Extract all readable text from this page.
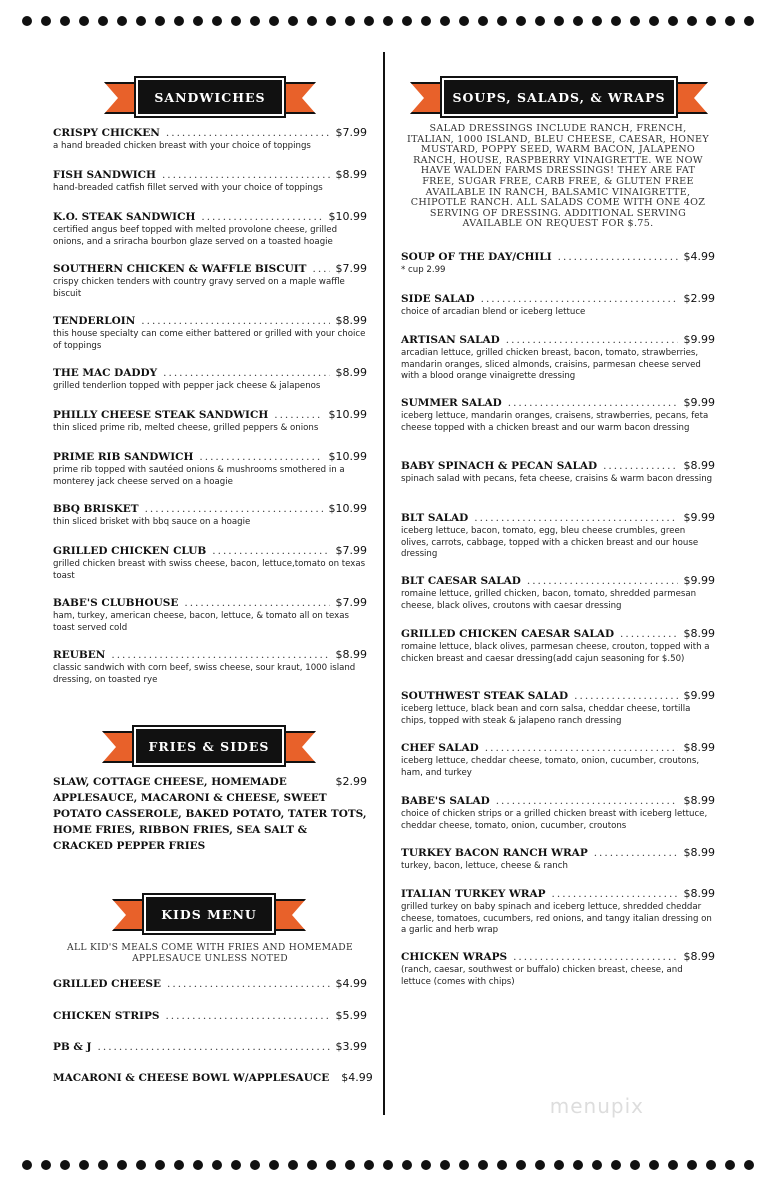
SANDWICHES
CRISPY CHICKEN .....	$7.99
a hand breaded chicken breast with your choice of toppings
FISH SANDWICH .....	$8.99
hand-breaded catfish fillet served with your choice of toppings
K.O. STEAK SANDWICH .....	$10.99
certified angus beef topped with melted provolone cheese, grilled onions, and a sriracha bourbon glaze served on a toasted hoagie
SOUTHERN CHICKEN & WAFFLE BISCUIT .....	$7.99
crispy chicken tenders with country gravy served on a maple waffle biscuit
TENDERLOIN .....	$8.99
this house specialty can come either battered or grilled with your choice of toppings
THE MAC DADDY .....	$8.99
grilled tenderlion topped with pepper jack cheese & jalapenos
PHILLY CHEESE STEAK SANDWICH .....	$10.99
thin sliced prime rib, melted cheese, grilled peppers & onions
PRIME RIB SANDWICH .....	$10.99
prime rib topped with sautéed onions & mushrooms smothered in a monterey jack cheese served on a hoagie
BBQ BRISKET .....	$10.99
thin sliced brisket with bbq sauce on a hoagie
GRILLED CHICKEN CLUB .....	$7.99
grilled chicken breast with swiss cheese, bacon, lettuce,tomato on texas toast
BABE'S CLUBHOUSE .....	$7.99
ham, turkey, american cheese, bacon, lettuce, & tomato all on texas toast served cold
REUBEN .....	$8.99
classic sandwich with corn beef, swiss cheese, sour kraut, 1000 island dressing, on toasted rye
FRIES & SIDES
SLAW, COTTAGE CHEESE, HOMEMADE	$2.99
APPLESAUCE, MACARONI & CHEESE, SWEET POTATO CASSEROLE, BAKED POTATO, TATER TOTS, HOME FRIES, RIBBON FRIES, SEA SALT & CRACKED PEPPER FRIES
KIDS MENU
ALL KID'S MEALS COME WITH FRIES AND HOMEMADE APPLESAUCE UNLESS NOTED
GRILLED CHEESE .....	$4.99
CHICKEN STRIPS .....	$5.99
PB & J .....	$3.99
MACARONI & CHEESE BOWL W/APPLESAUCE $4.99
SOUPS, SALADS, & WRAPS
SALAD DRESSINGS INCLUDE RANCH, FRENCH, ITALIAN, 1000 ISLAND, BLEU CHEESE, CAESAR, HONEY MUSTARD, POPPY SEED, WARM BACON, JALAPENO RANCH, HOUSE, RASPBERRY VINAIGRETTE. WE NOW HAVE WALDEN FARMS DRESSINGS! THEY ARE FAT FREE, SUGAR FREE, CARB FREE, & GLUTEN FREE AVAILABLE IN RANCH, BALSAMIC VINAIGRETTE, CHIPOTLE RANCH. ALL SALADS COME WITH ONE 4OZ SERVING OF DRESSING. ADDITIONAL SERVING AVAILABLE ON REQUEST FOR $.75.
SOUP OF THE DAY/CHILI .....	$4.99
* cup 2.99
SIDE SALAD .....	$2.99
choice of arcadian blend or iceberg lettuce
ARTISAN SALAD .....	$9.99
arcadian lettuce, grilled chicken breast, bacon, tomato, strawberries, mandarin oranges, sliced almonds, craisins, parmesan cheese served with a blood orange vinaigrette dressing
SUMMER SALAD .....	$9.99
iceberg lettuce, mandarin oranges, craisens, strawberries, pecans, feta cheese topped with a chicken breast and our warm bacon dressing
BABY SPINACH & PECAN SALAD .....	$8.99
spinach salad with pecans, feta cheese, craisins & warm bacon dressing
BLT SALAD .....	$9.99
iceberg lettuce, bacon, tomato, egg, bleu cheese crumbles, green olives, carrots, cabbage, topped with a chicken breast and our house dressing
BLT CAESAR SALAD .....	$9.99
romaine lettuce, grilled chicken, bacon, tomato, shredded parmesan cheese, black olives, croutons with caesar dressing
GRILLED CHICKEN CAESAR SALAD .....	$8.99
romaine lettuce, black olives, parmesan cheese, crouton, topped with a chicken breast and caesar dressing(add cajun seasoning for $.50)
SOUTHWEST STEAK SALAD .....	$9.99
iceberg lettuce, black bean and corn salsa, cheddar cheese, tortilla chips, topped with steak & jalapeno ranch dressing
CHEF SALAD .....	$8.99
iceberg lettuce, cheddar cheese, tomato, onion, cucumber, croutons, ham, and turkey
BABE'S SALAD .....	$8.99
choice of chicken strips or a grilled chicken breast with iceberg lettuce, cheddar cheese, tomato, onion, cucumber, croutons
TURKEY BACON RANCH WRAP .....	$8.99
turkey, bacon, lettuce, cheese & ranch
ITALIAN TURKEY WRAP .....	$8.99
grilled turkey on baby spinach and iceberg lettuce, shredded cheddar cheese, tomatoes, cucumbers, red onions, and tangy italian dressing on a garlic and herb wrap
CHICKEN WRAPS .....	$8.99
(ranch, caesar, southwest or buffalo) chicken breast, cheese, and lettuce (comes with chips)
menupix
